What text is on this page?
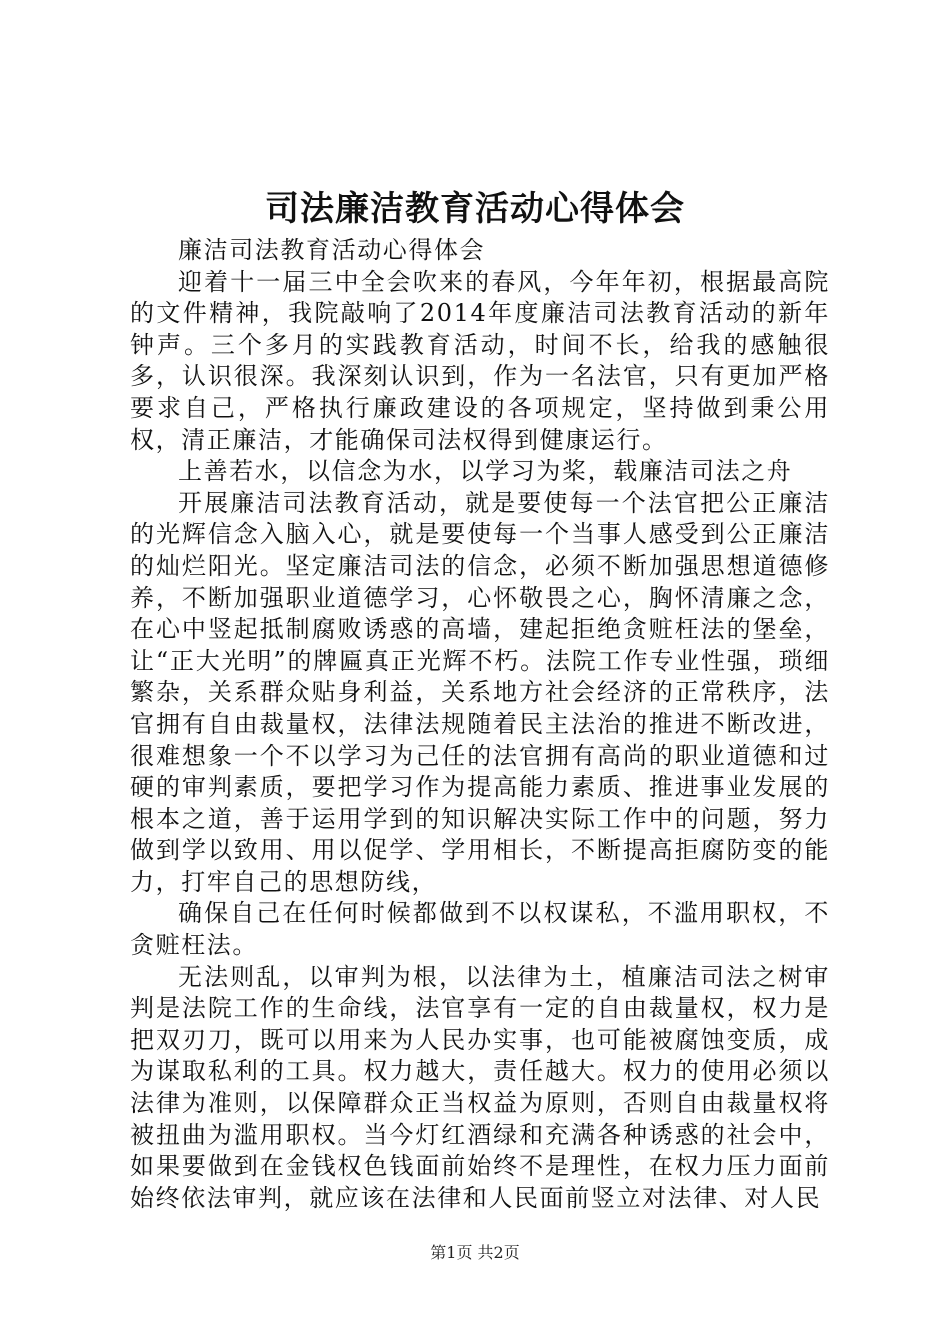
司法廉洁教育活动心得体会

廉洁司法教育活动心得体会

迎着十一届三中全会吹来的春风，今年年初，根据最高院的文件精神，我院敲响了2014年度廉洁司法教育活动的新年钟声。三个多月的实践教育活动，时间不长，给我的感触很多，认识很深。我深刻认识到，作为一名法官，只有更加严格要求自己，严格执行廉政建设的各项规定，坚持做到秉公用权，清正廉洁，才能确保司法权得到健康运行。

上善若水，以信念为水，以学习为桨，载廉洁司法之舟

开展廉洁司法教育活动，就是要使每一个法官把公正廉洁的光辉信念入脑入心，就是要使每一个当事人感受到公正廉洁的灿烂阳光。坚定廉洁司法的信念，必须不断加强思想道德修养，不断加强职业道德学习，心怀敬畏之心，胸怀清廉之念，在心中竖起抵制腐败诱惑的高墙，建起拒绝贪赃枉法的堡垒，让“正大光明”的牌匾真正光辉不朽。法院工作专业性强，琐细繁杂，关系群众贴身利益，关系地方社会经济的正常秩序，法官拥有自由裁量权，法律法规随着民主法治的推进不断改进，很难想象一个不以学习为己任的法官拥有高尚的职业道德和过硬的审判素质，要把学习作为提高能力素质、推进事业发展的根本之道，善于运用学到的知识解决实际工作中的问题，努力做到学以致用、用以促学、学用相长，不断提高拒腐防变的能力，打牢自己的思想防线，

确保自己在任何时候都做到不以权谋私，不滥用职权，不贪赃枉法。

无法则乱，以审判为根，以法律为土，植廉洁司法之树审判是法院工作的生命线，法官享有一定的自由裁量权，权力是把双刃刀，既可以用来为人民办实事，也可能被腐蚀变质，成为谋取私利的工具。权力越大，责任越大。权力的使用必须以法律为准则，以保障群众正当权益为原则，否则自由裁量权将被扭曲为滥用职权。当今灯红酒绿和充满各种诱惑的社会中，如果要做到在金钱权色钱面前始终不是理性，在权力压力面前始终依法审判，就应该在法律和人民面前竖立对法律、对人民

第1页 共2页
